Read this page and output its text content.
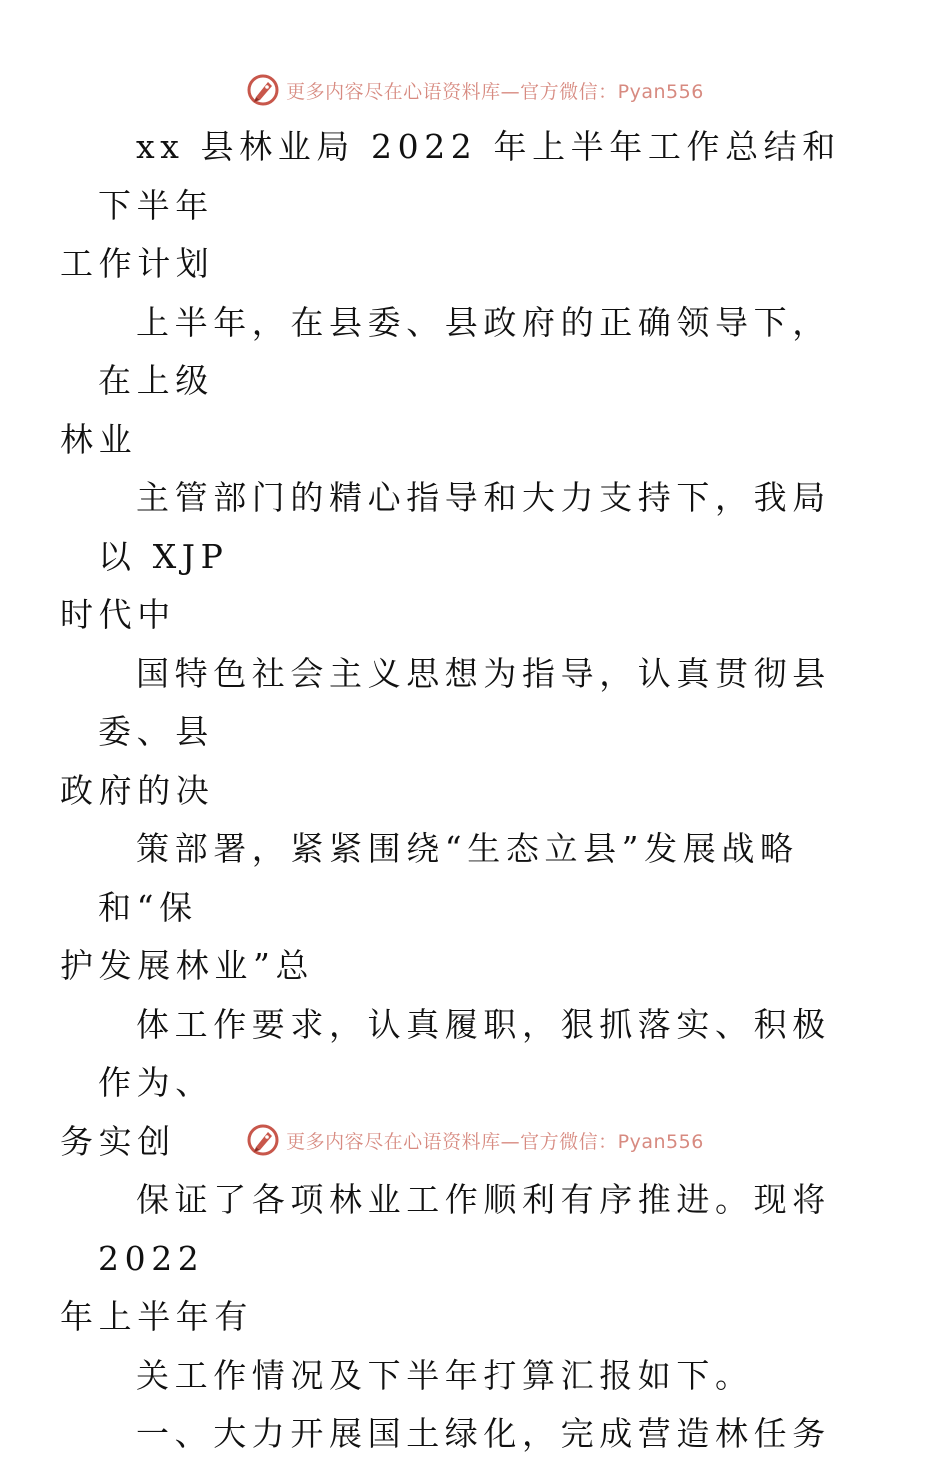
更多内容尽在心语资料库—官方微信：Pyan556

xx 县林业局 2022 年上半年工作总结和下半年
工作计划

上半年，在县委、县政府的正确领导下，在上级
林业

主管部门的精心指导和大力支持下，我局以 XJP
时代中

国特色社会主义思想为指导，认真贯彻县委、县
政府的决

策部署，紧紧围绕“生态立县”发展战略和“保
护发展林业”总

体工作要求，认真履职，狠抓落实、积极作为、
务实创

保证了各项林业工作顺利有序推进。现将 2022
年上半年有

关工作情况及下半年打算汇报如下。

一、大力开展国土绿化，完成营造林任务

更多内容尽在心语资料库—官方微信：Pyan556
